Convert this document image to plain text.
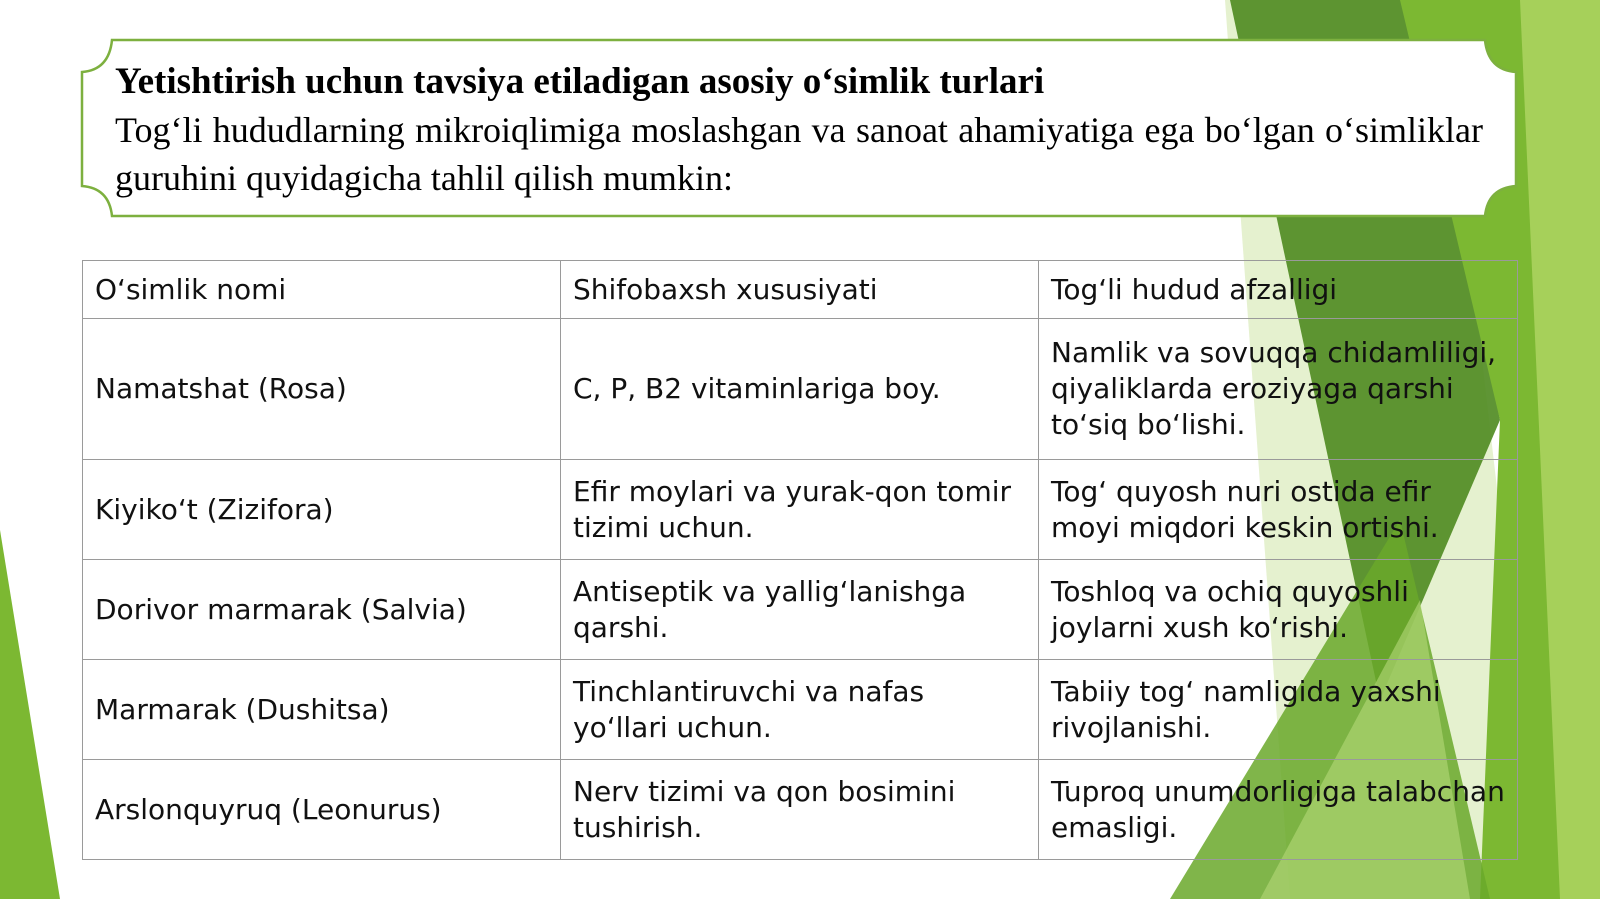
Yetishtirish uchun tavsiya etiladigan asosiy o‘simlik turlari

Tog‘li hududlarning mikroiqlimiga moslashgan va sanoat ahamiyatiga ega bo‘lgan o‘simliklar guruhini quyidagicha tahlil qilish mumkin:

O‘simlik nomi	Shifobaxsh xususiyati	Tog‘li hudud afzalligi
Namatshat (Rosa)	C, P, B2 vitaminlariga boy.	Namlik va sovuqqa chidamliligi, qiyaliklarda eroziyaga qarshi to‘siq bo‘lishi.
Kiyiko‘t (Zizifora)	Efir moylari va yurak-qon tomir tizimi uchun.	Tog‘ quyosh nuri ostida efir moyi miqdori keskin ortishi.
Dorivor marmarak (Salvia)	Antiseptik va yallig‘lanishga qarshi.	Toshloq va ochiq quyoshli joylarni xush ko‘rishi.
Marmarak (Dushitsa)	Tinchlantiruvchi va nafas yo‘llari uchun.	Tabiiy tog‘ namligida yaxshi rivojlanishi.
Arslonquyruq (Leonurus)	Nerv tizimi va qon bosimini tushirish.	Tuproq unumdorligiga talabchan emasligi.
